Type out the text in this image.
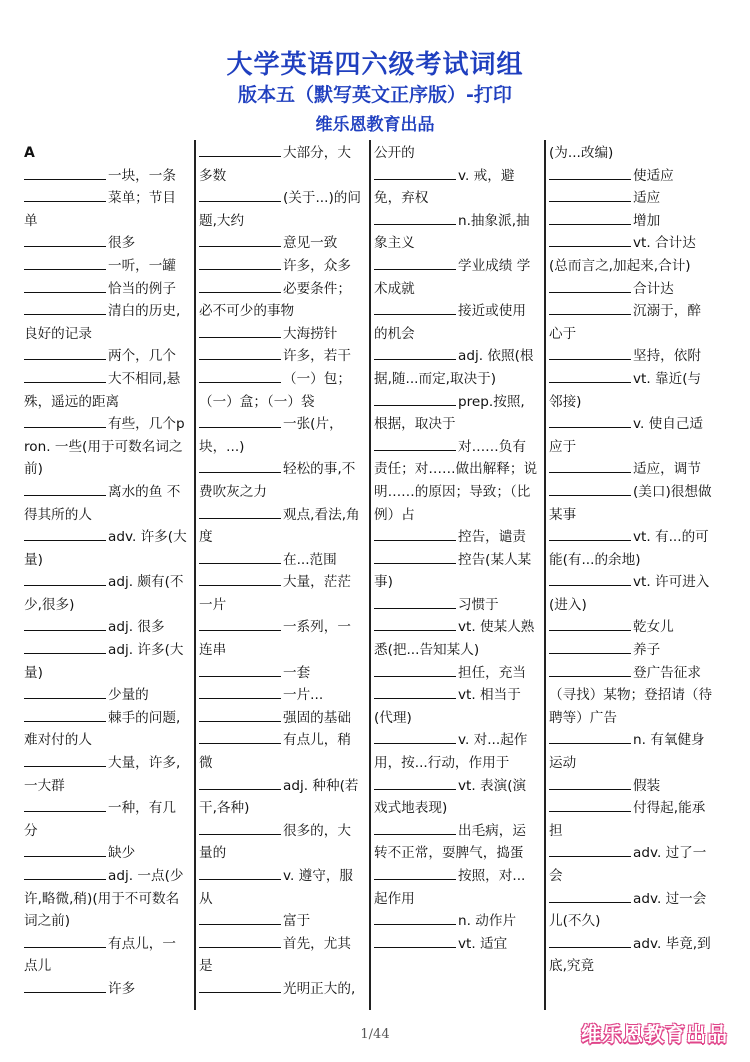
大学英语四六级考试词组
版本五（默写英文正序版）-打印
维乐恩教育出品
A
一块，一条
菜单；节目单
很多
一听，一罐
恰当的例子
清白的历史,良好的记录
两个，几个
大不相同,悬殊，遥远的距离
有些，几个pron. 一些(用于可数名词之前)
离水的鱼 不得其所的人
adv. 许多(大量)
adj. 颇有(不少,很多)
adj. 很多
adj. 许多(大量)
少量的
棘手的问题,难对付的人
大量，许多,一大群
一种，有几分
缺少
adj. 一点(少许,略微,稍)(用于不可数名词之前)
有点儿，一点儿
许多
大部分，大多数
(关于...)的问题,大约
意见一致
许多，众多
必要条件；必不可少的事物
大海捞针
许多，若干
（一）包；（一）盒；（一）袋
一张(片，块，...)
轻松的事,不费吹灰之力
观点,看法,角度
在...范围
大量，茫茫一片
一系列，一连串
一套
一片...
强固的基础
有点儿，稍微
adj. 种种(若干,各种)
很多的，大量的
v. 遵守，服从
富于
首先，尤其是
光明正大的,
公开的
v. 戒，避免，弃权
n.抽象派,抽象主义
学业成绩 学术成就
接近或使用的机会
adj. 依照(根据,随...而定,取决于)
prep.按照,根据，取决于
对……负有责任；对……做出解释；说明……的原因；导致；（比例）占
控告，谴责
控告(某人某事)
习惯于
vt. 使某人熟悉(把...告知某人)
担任，充当
vt. 相当于(代理)
v. 对...起作用，按...行动，作用于
vt. 表演(演戏式地表现)
出毛病，运转不正常，耍脾气，捣蛋
按照，对... 起作用
n. 动作片
vt. 适宜
(为...改编)
使适应
适应
增加
vt. 合计达(总而言之,加起来,合计)
合计达
沉溺于，醉心于
坚持，依附
vt. 靠近(与邻接)
v. 使自己适应于
适应，调节
(美口)很想做某事
vt. 有...的可能(有...的余地)
vt. 许可进入(进入)
乾女儿
养子
登广告征求（寻找）某物；登招请（待聘等）广告
n. 有氧健身运动
假装
付得起,能承担
adv. 过了一会
adv. 过一会儿(不久)
adv. 毕竟,到底,究竟
1/44	维乐恩教育出品
